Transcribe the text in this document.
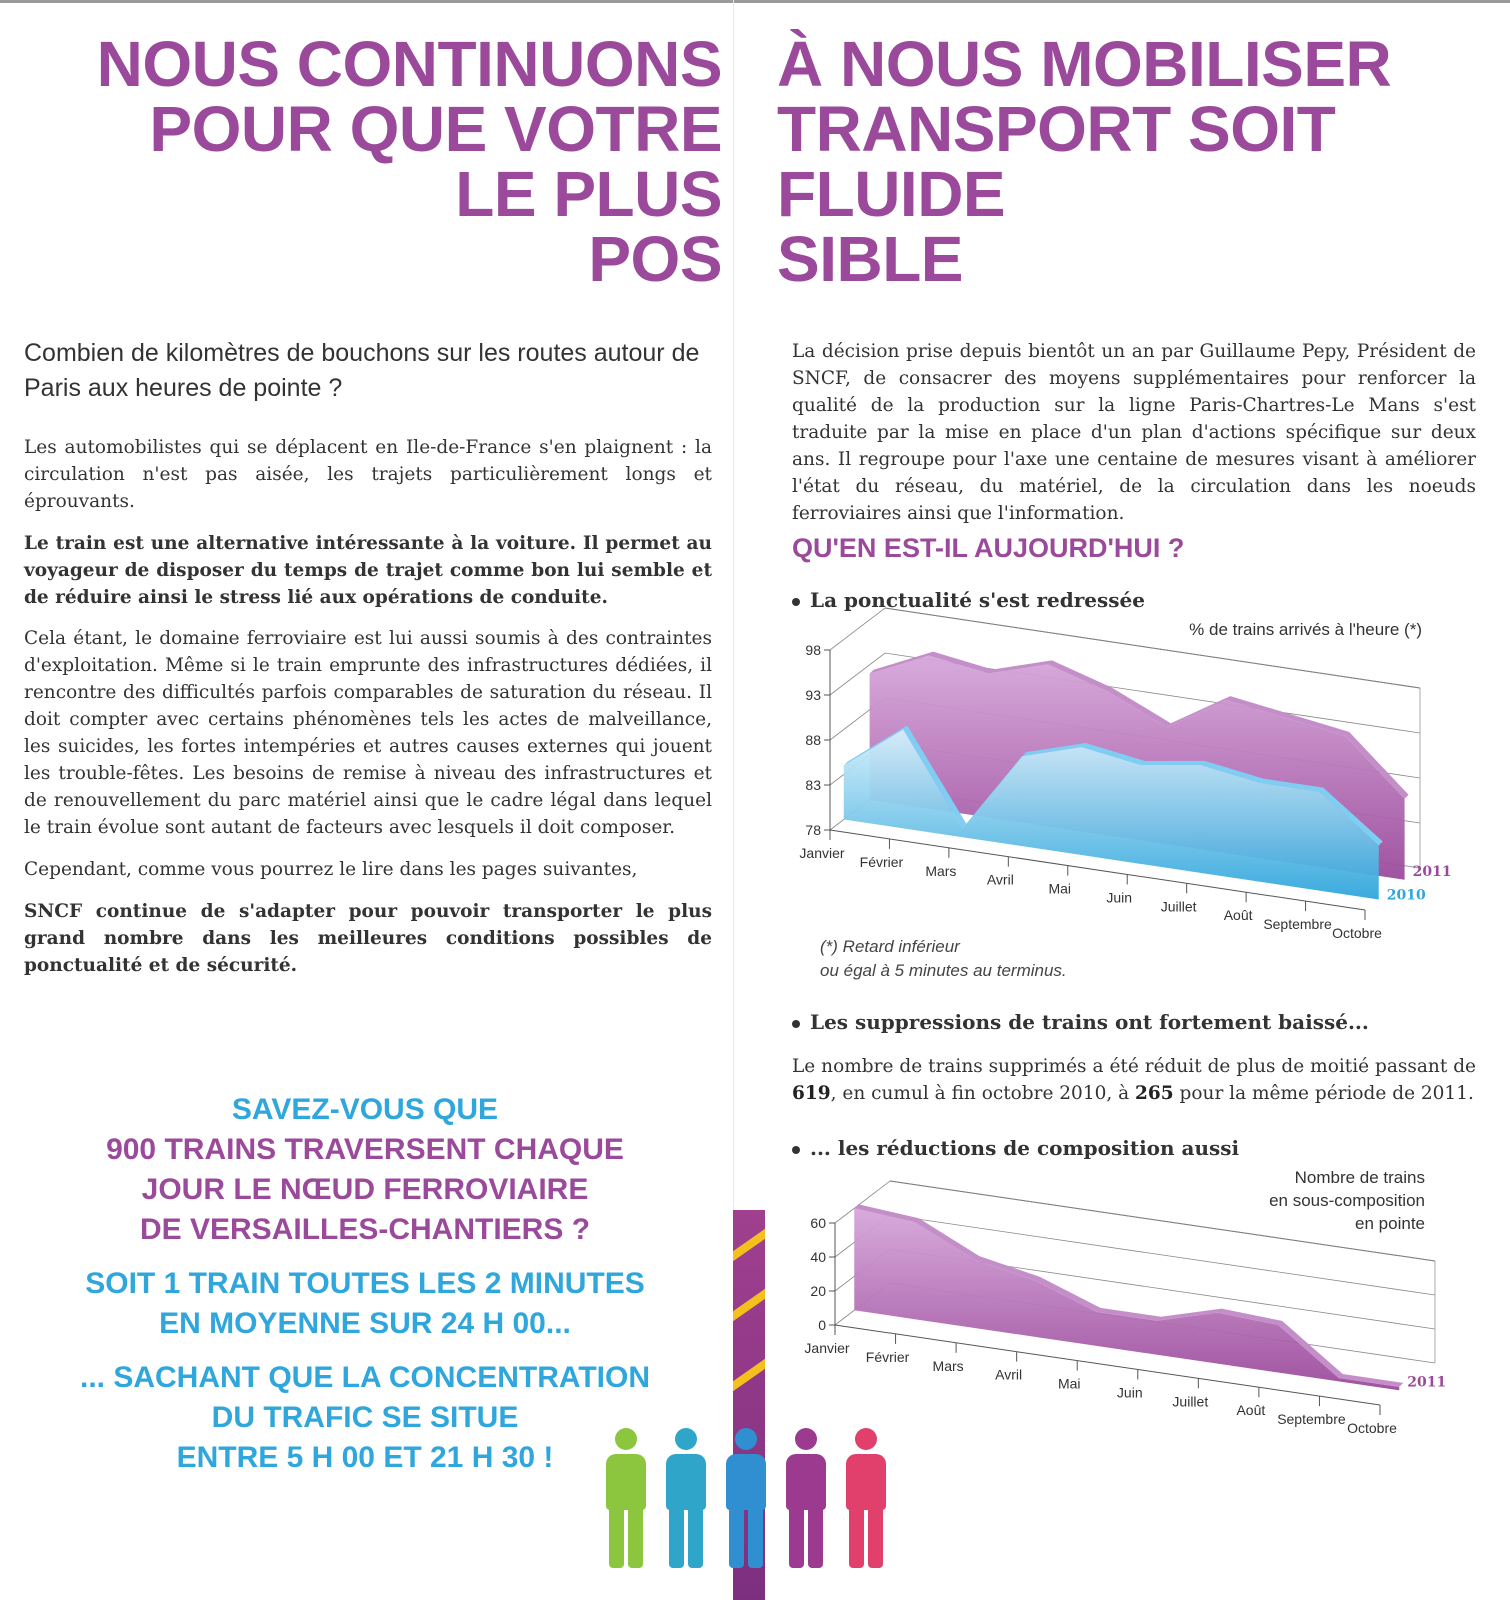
NOUS CONTINUONS
POUR QUE VOTRE
LE PLUS
POS
À NOUS MOBILISER
TRANSPORT SOIT
FLUIDE
SIBLE
Combien de kilomètres de bouchons sur les routes autour de Paris aux heures de pointe ?
Les automobilistes qui se déplacent en Ile-de-France s'en plaignent : la circulation n'est pas aisée, les trajets particulièrement longs et éprouvants.
Le train est une alternative intéressante à la voiture. Il permet au voyageur de disposer du temps de trajet comme bon lui semble et de réduire ainsi le stress lié aux opérations de conduite.
Cela étant, le domaine ferroviaire est lui aussi soumis à des contraintes d'exploitation. Même si le train emprunte des infrastructures dédiées, il rencontre des difficultés parfois comparables de saturation du réseau. Il doit compter avec certains phénomènes tels les actes de malveillance, les suicides, les fortes intempéries et autres causes externes qui jouent les trouble-fêtes. Les besoins de remise à niveau des infrastructures et de renouvellement du parc matériel ainsi que le cadre légal dans lequel le train évolue sont autant de facteurs avec lesquels il doit composer.
Cependant, comme vous pourrez le lire dans les pages suivantes,
SNCF continue de s'adapter pour pouvoir transporter le plus grand nombre dans les meilleures conditions possibles de ponctualité et de sécurité.
SAVEZ-VOUS QUE
900 TRAINS TRAVERSENT CHAQUE
JOUR LE NŒUD FERROVIAIRE
DE VERSAILLES-CHANTIERS ?
SOIT 1 TRAIN TOUTES LES 2 MINUTES
EN MOYENNE SUR 24 H 00...
... SACHANT QUE LA CONCENTRATION
DU TRAFIC SE SITUE
ENTRE 5 H 00 ET 21 H 30 !
La décision prise depuis bientôt un an par Guillaume Pepy, Président de SNCF, de consacrer des moyens supplémentaires pour renforcer la qualité de la production sur la ligne Paris-Chartres-Le Mans s'est traduite par la mise en place d'un plan d'actions spécifique sur deux ans. Il regroupe pour l'axe une centaine de mesures visant à améliorer l'état du réseau, du matériel, de la circulation dans les noeuds ferroviaires ainsi que l'information.
QU'EN EST-IL AUJOURD'HUI ?
La ponctualité s'est redressée
78
83
88
93
98
2011
2010
Janvier
Février
Mars
Avril
Mai
Juin
Juillet
Août
Septembre
Octobre
% de trains arrivés à l'heure (*)
(*) Retard inférieur
ou égal à 5 minutes au terminus.
Les suppressions de trains ont fortement baissé...
Le nombre de trains supprimés a été réduit de plus de moitié passant de 619, en cumul à fin octobre 2010, à 265 pour la même période de 2011.
... les réductions de composition aussi
0
20
40
60
2011
Janvier
Février
Mars
Avril
Mai
Juin
Juillet
Août
Septembre
Octobre
Nombre de trains
en sous-composition
en pointe
